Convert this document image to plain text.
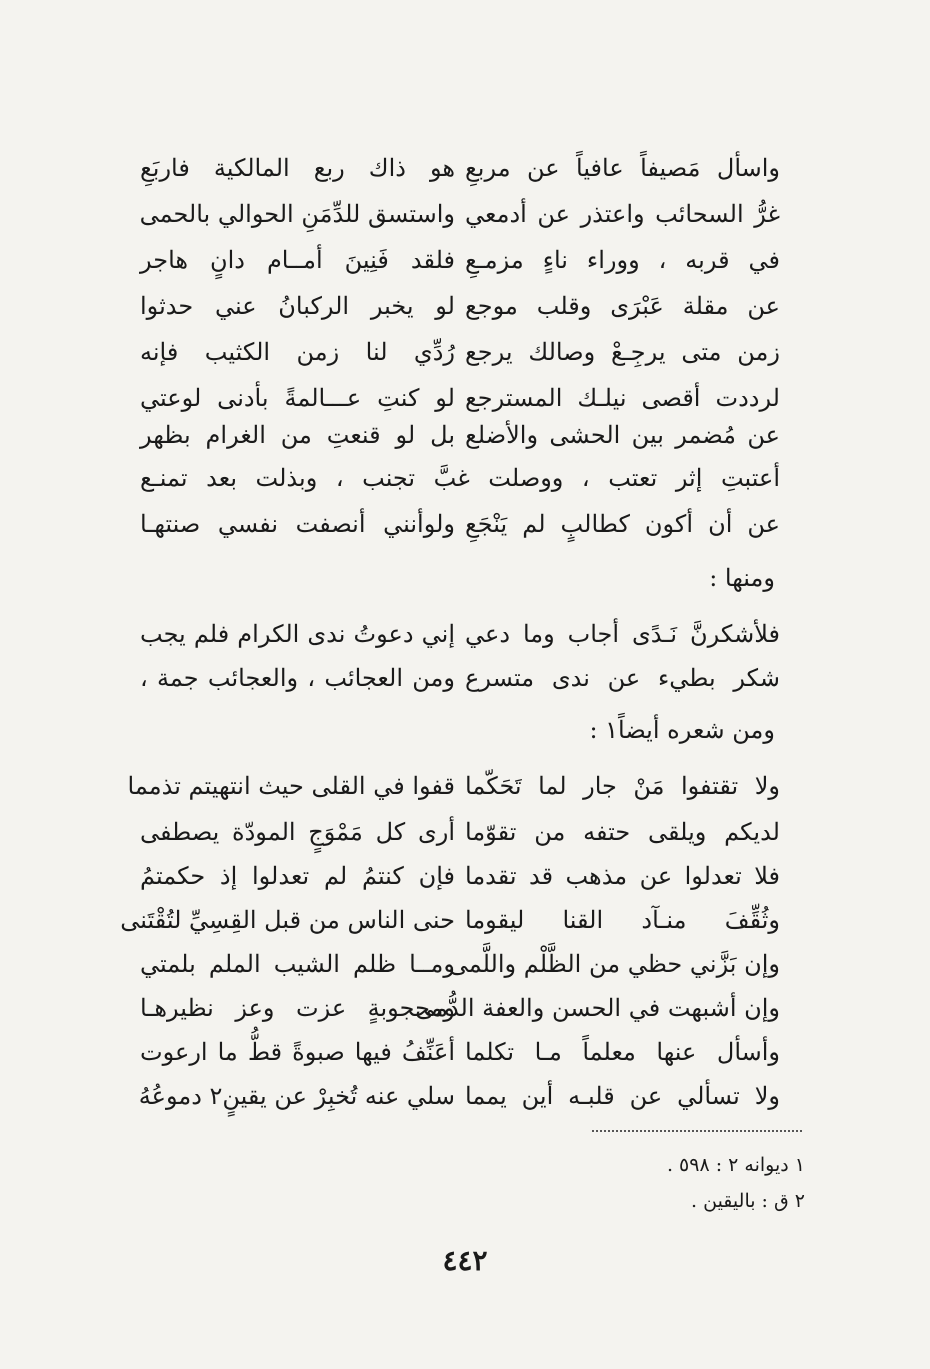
هو ذاك ربع المالكية فاربَعِ واسأل مَصيفاً عافياً عن مربعِ
واستسق للدِّمَنِ الحوالي بالحمى غرُّ السحائب واعتذر عن أدمعي
فلقد فَنِينَ أمــام دانٍ هاجر في قربه ، ووراء ناءٍ مزمـعِ
لو يخبر الركبانُ عني حدثوا عن مقلة عَبْرَى وقلب موجع
رُدِّي لنا زمن الكثيب فإنه زمن متى يرجِـعْ وصالك يرجع
لو كنتِ عـــالمةً بأدنى لوعتي لرددت أقصى نيلـك المسترجع
بل لو قنعتِ من الغرام بظهر عن مُضمر بين الحشى والأضلع
أعتبتِ إثر تعتب ، ووصلت غبَّ تجنب ، وبذلت بعد تمنـع
ولوأنني أنصفت نفسي صنتهـا عن أن أكون كطالبٍ لم يَنْجَعِ
ومنها :
إني دعوتُ ندى الكرام فلم يجب فلأشكرنَّ نَـدًى أجاب وما دعي
ومن العجائب ، والعجائب جمة ، شكر بطيء عن ندى متسرع
ومن شعره أيضاً١ :
قفوا في القلى حيث انتهيتم تذمما ولا تقتفوا مَنْ جار لما تَحَكّما
أرى كل مَمْوَجٍ المودّة يصطفى لديكم ويلقى حتفه من تقوّما
فإن كنتمُ لم تعدلوا إذ حكمتمُ فلا تعدلوا عن مذهب قد تقدما
حنى الناس من قبل القِسِيِّ لتُقْتَنى وثُقِّفَ منـآد القنا ليقوما
ومــا ظلم الشيب الملم بلمتي
وإن بَزَّني حظي من الظَّلْم واللَّمى
ومحجوبةٍ عزت وعز نظيرهـا
وإن أشبهت في الحسن والعفة الدُّمى
أعَنِّفُ فيها صبوةً قطُّ ما ارعوت وأسأل عنها معلماً مـا تكلما
سلي عنه تُخبِرْ عن يقينٍ٢ دموعُهُ ولا تسألي عن قلبـه أين يمما
١ ديوانه ٢ : ٥٩٨ .
٢ ق : باليقين .
٤٤٢
